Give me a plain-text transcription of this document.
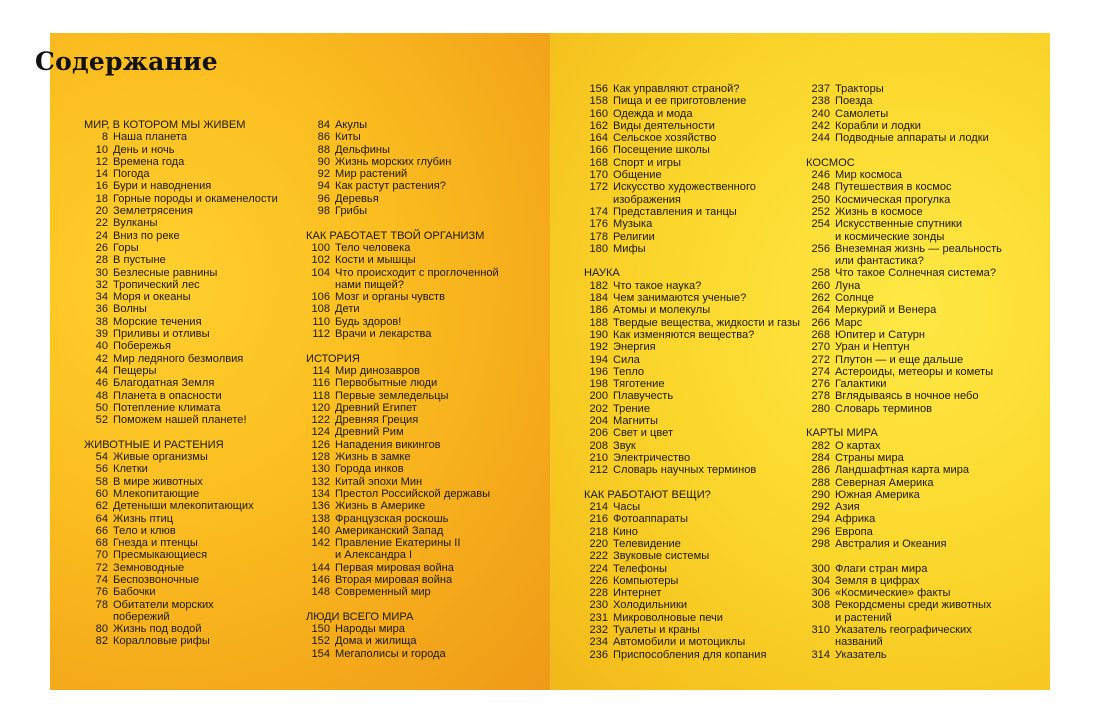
Содержание
МИР, В КОТОРОМ МЫ ЖИВЕМ
8 Наша планета
10 День и ночь
12 Времена года
14 Погода
16 Бури и наводнения
18 Горные породы и окаменелости
20 Землетрясения
22 Вулканы
24 Вниз по реке
26 Горы
28 В пустыне
30 Безлесные равнины
32 Тропический лес
34 Моря и океаны
36 Волны
38 Морские течения
39 Приливы и отливы
40 Побережья
42 Мир ледяного безмолвия
44 Пещеры
46 Благодатная Земля
48 Планета в опасности
50 Потепление климата
52 Поможем нашей планете!
ЖИВОТНЫЕ И РАСТЕНИЯ
54 Живые организмы
56 Клетки
58 В мире животных
60 Млекопитающие
62 Детеныши млекопитающих
64 Жизнь птиц
66 Тело и клюв
68 Гнезда и птенцы
70 Пресмыкающиеся
72 Земноводные
74 Беспозвоночные
76 Бабочки
78 Обитатели морских
побережий
80 Жизнь под водой
82 Коралловые рифы
84 Акулы
86 Киты
88 Дельфины
90 Жизнь морских глубин
92 Мир растений
94 Как растут растения?
96 Деревья
98 Грибы
КАК РАБОТАЕТ ТВОЙ ОРГАНИЗМ
100 Тело человека
102 Кости и мышцы
104 Что происходит с проглоченной
нами пищей?
106 Мозг и органы чувств
108 Дети
110 Будь здоров!
112 Врачи и лекарства
ИСТОРИЯ
114 Мир динозавров
116 Первобытные люди
118 Первые земледельцы
120 Древний Египет
122 Древняя Греция
124 Древний Рим
126 Нападения викингов
128 Жизнь в замке
130 Города инков
132 Китай эпохи Мин
134 Престол Российской державы
136 Жизнь в Америке
138 Французская роскошь
140 Американский Запад
142 Правление Екатерины II
и Александра I
144 Первая мировая война
146 Вторая мировая война
148 Современный мир
ЛЮДИ ВСЕГО МИРА
150 Народы мира
152 Дома и жилища
154 Мегаполисы и города
156 Как управляют страной?
158 Пища и ее приготовление
160 Одежда и мода
162 Виды деятельности
164 Сельское хозяйство
166 Посещение школы
168 Спорт и игры
170 Общение
172 Искусство художественного
изображения
174 Представления и танцы
176 Музыка
178 Религии
180 Мифы
НАУКА
182 Что такое наука?
184 Чем занимаются ученые?
186 Атомы и молекулы
188 Твердые вещества, жидкости и газы
190 Как изменяются вещества?
192 Энергия
194 Сила
196 Тепло
198 Тяготение
200 Плавучесть
202 Трение
204 Магниты
206 Свет и цвет
208 Звук
210 Электричество
212 Словарь научных терминов
КАК РАБОТАЮТ ВЕЩИ?
214 Часы
216 Фотоаппараты
218 Кино
220 Телевидение
222 Звуковые системы
224 Телефоны
226 Компьютеры
228 Интернет
230 Холодильники
231 Микроволновые печи
232 Туалеты и краны
234 Автомобили и мотоциклы
236 Приспособления для копания
237 Тракторы
238 Поезда
240 Самолеты
242 Корабли и лодки
244 Подводные аппараты и лодки
КОСМОС
246 Мир космоса
248 Путешествия в космос
250 Космическая прогулка
252 Жизнь в космосе
254 Искусственные спутники
и космические зонды
256 Внеземная жизнь — реальность
или фантастика?
258 Что такое Солнечная система?
260 Луна
262 Солнце
264 Меркурий и Венера
266 Марс
268 Юпитер и Сатурн
270 Уран и Нептун
272 Плутон — и еще дальше
274 Астероиды, метеоры и кометы
276 Галактики
278 Вглядываясь в ночное небо
280 Словарь терминов
КАРТЫ МИРА
282 О картах
284 Страны мира
286 Ландшафтная карта мира
288 Северная Америка
290 Южная Америка
292 Азия
294 Африка
296 Европа
298 Австралия и Океания
300 Флаги стран мира
304 Земля в цифрах
306 «Космические» факты
308 Рекордсмены среди животных
и растений
310 Указатель географических
названий
314 Указатель
